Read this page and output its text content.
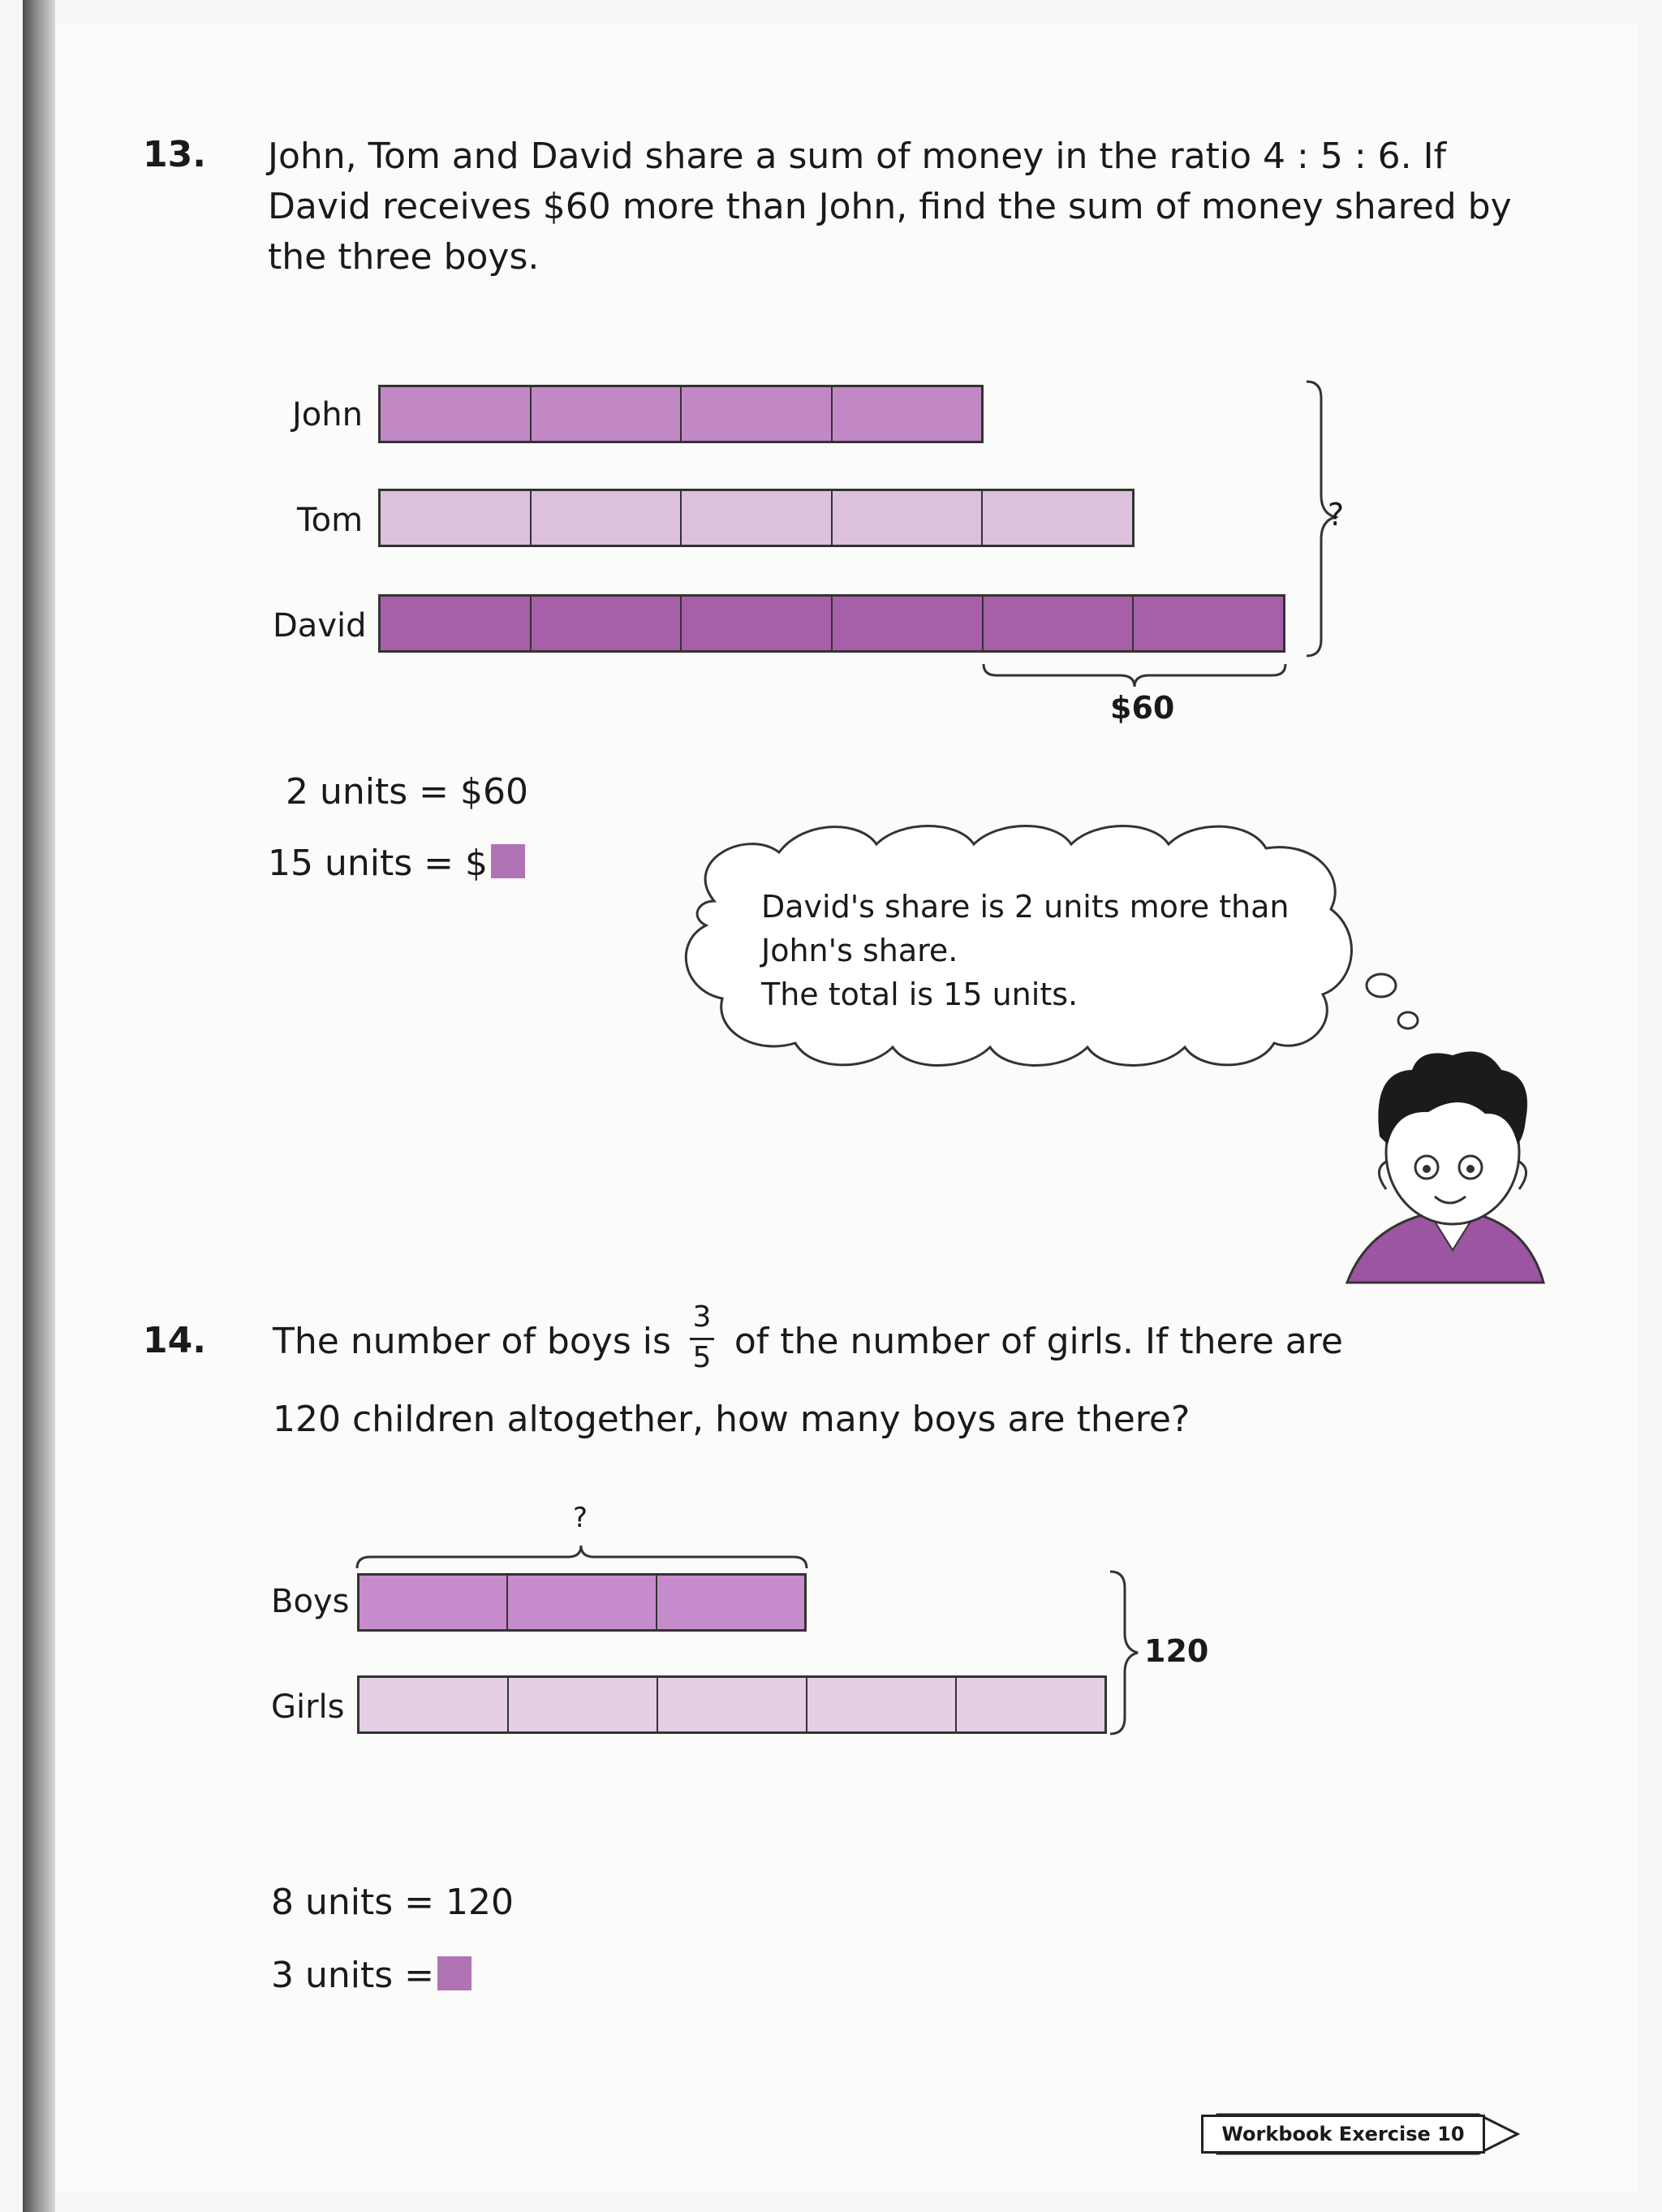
13. John, Tom and David share a sum of money in the ratio 4 : 5 : 6. If
David receives $60 more than John, find the sum of money shared by
the three boys.
John
Tom
David
?
$60
2 units = $60
15 units = $
David's share is 2 units more than
John's share.
The total is 15 units.
14. The number of boys is of the number of girls. If there are
3
5
120 children altogether, how many boys are there?
?
Boys
Girls
120
8 units = 120
3 units =
Workbook Exercise 10
